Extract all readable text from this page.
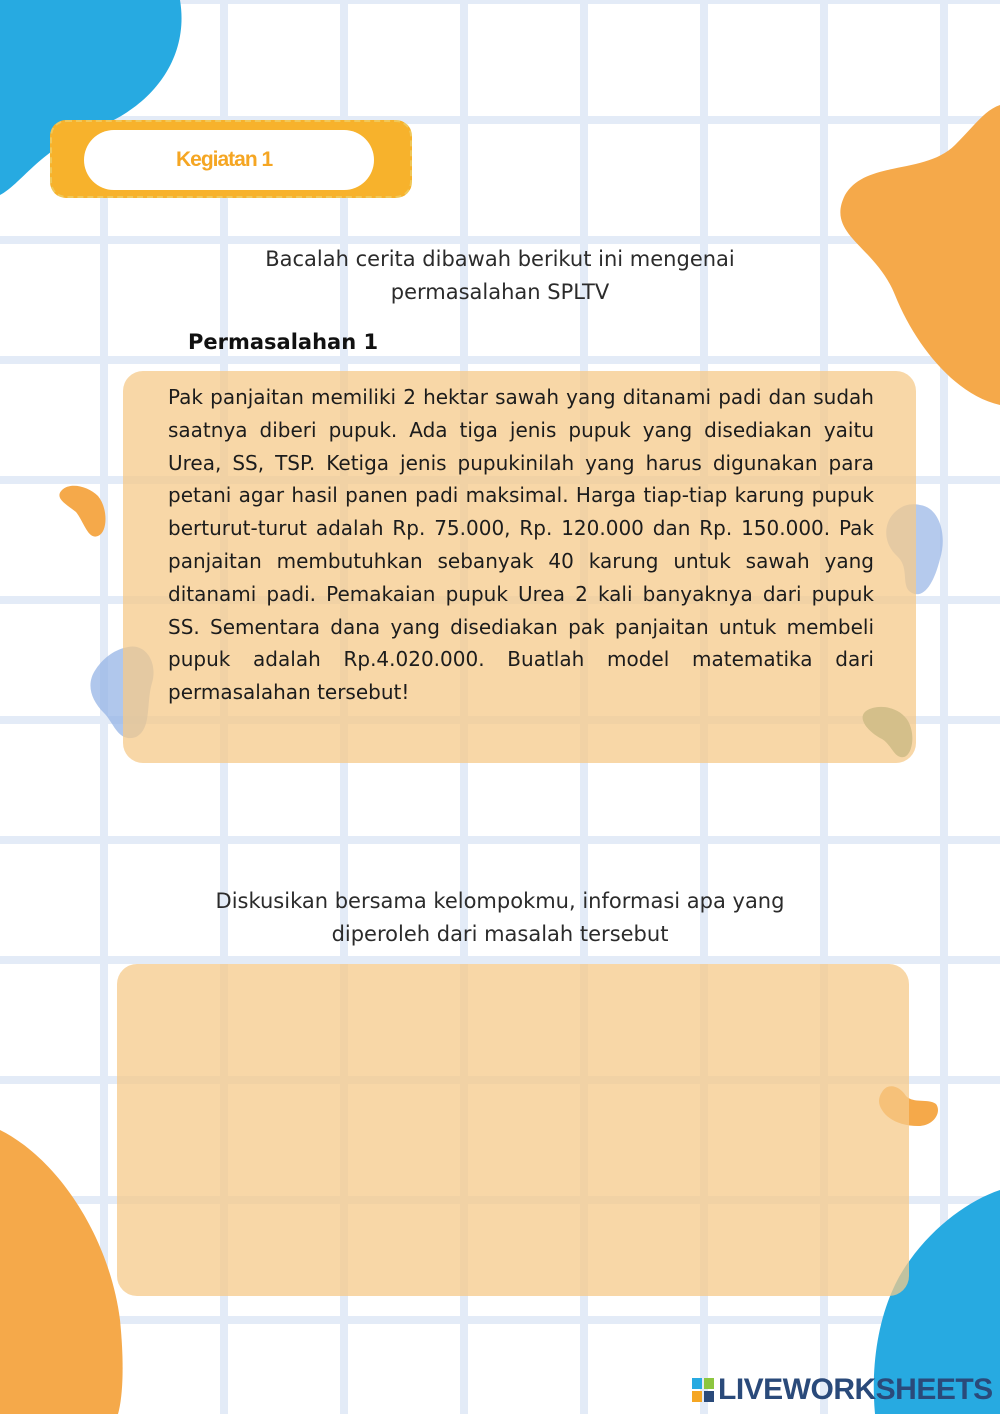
Kegiatan 1
Bacalah cerita dibawah berikut ini mengenai
permasalahan SPLTV
Permasalahan 1

Pak panjaitan memiliki 2 hektar sawah yang ditanami padi dan sudah saatnya diberi pupuk. Ada tiga jenis pupuk yang disediakan yaitu Urea, SS, TSP. Ketiga jenis pupukinilah yang harus digunakan para petani agar hasil panen padi maksimal. Harga tiap-tiap karung pupuk berturut-turut adalah Rp. 75.000, Rp. 120.000 dan Rp. 150.000. Pak panjaitan membutuhkan sebanyak 40 karung untuk sawah yang ditanami padi. Pemakaian pupuk Urea 2 kali banyaknya dari pupuk SS. Sementara dana yang disediakan pak panjaitan untuk membeli pupuk adalah Rp.4.020.000. Buatlah model matematika dari permasalahan tersebut!

Diskusikan bersama kelompokmu, informasi apa yang
diperoleh dari masalah tersebut
LIVEWORKSHEETS
